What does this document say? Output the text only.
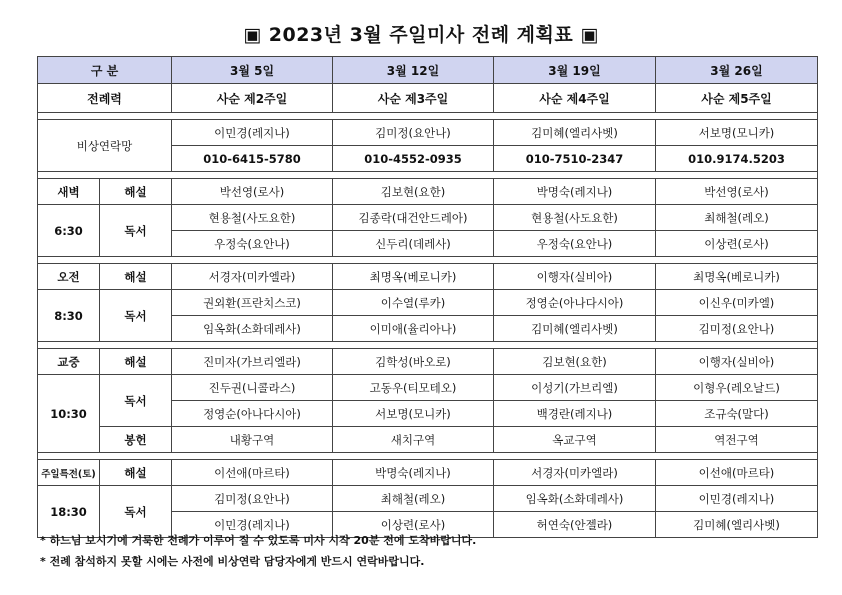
▣ 2023년 3월 주일미사 전례 계획표 ▣
구 분		3월 5일	3월 12일	3월 19일	3월 26일
전례력		사순 제2주일	사순 제3주일	사순 제4주일	사순 제5주일

비상연락망		이민경(레지나)	김미정(요안나)	김미혜(엘리사벳)	서보명(모니카)
		010-6415-5780	010-4552-0935	010-7510-2347	010.9174.5203

새벽	해설	박선영(로사)	김보현(요한)	박명숙(레지나)	박선영(로사)
6:30	독서	현용철(사도요한)	김종락(대건안드레아)	현용철(사도요한)	최해철(레오)
		우정숙(요안나)	신두리(데레사)	우정숙(요안나)	이상련(로사)

오전	해설	서경자(미카엘라)	최명옥(베로니카)	이행자(실비아)	최명옥(베로니카)
8:30	독서	권외환(프란치스코)	이수열(루카)	정영순(아나다시아)	이신우(미카엘)
		임옥화(소화데레사)	이미애(율리아나)	김미혜(엘리사벳)	김미정(요안나)

교중	해설	진미자(가브리엘라)	김학성(바오로)	김보현(요한)	이행자(실비아)
10:30	독서	진두권(니콜라스)	고동우(티모테오)	이성기(가브리엘)	이형우(레오날드)
		정영순(아나다시아)	서보명(모니카)	백경란(레지나)	조규숙(말다)
	봉헌	내황구역	새치구역	옥교구역	역전구역

주일특전(토)	해설	이선애(마르타)	박명숙(레지나)	서경자(미카엘라)	이선애(마르타)
18:30	독서	김미정(요안나)	최해철(레오)	임옥화(소화데레사)	이민경(레지나)
		이민경(레지나)	이상련(로사)	허연숙(안젤라)	김미혜(엘리사벳)
* 하느님 보시기에 거룩한 전례가 이루어 질 수 있도록 미사 시작 20분 전에 도착바랍니다.
* 전례 참석하지 못할 시에는 사전에 비상연락 담당자에게 반드시 연락바랍니다.
